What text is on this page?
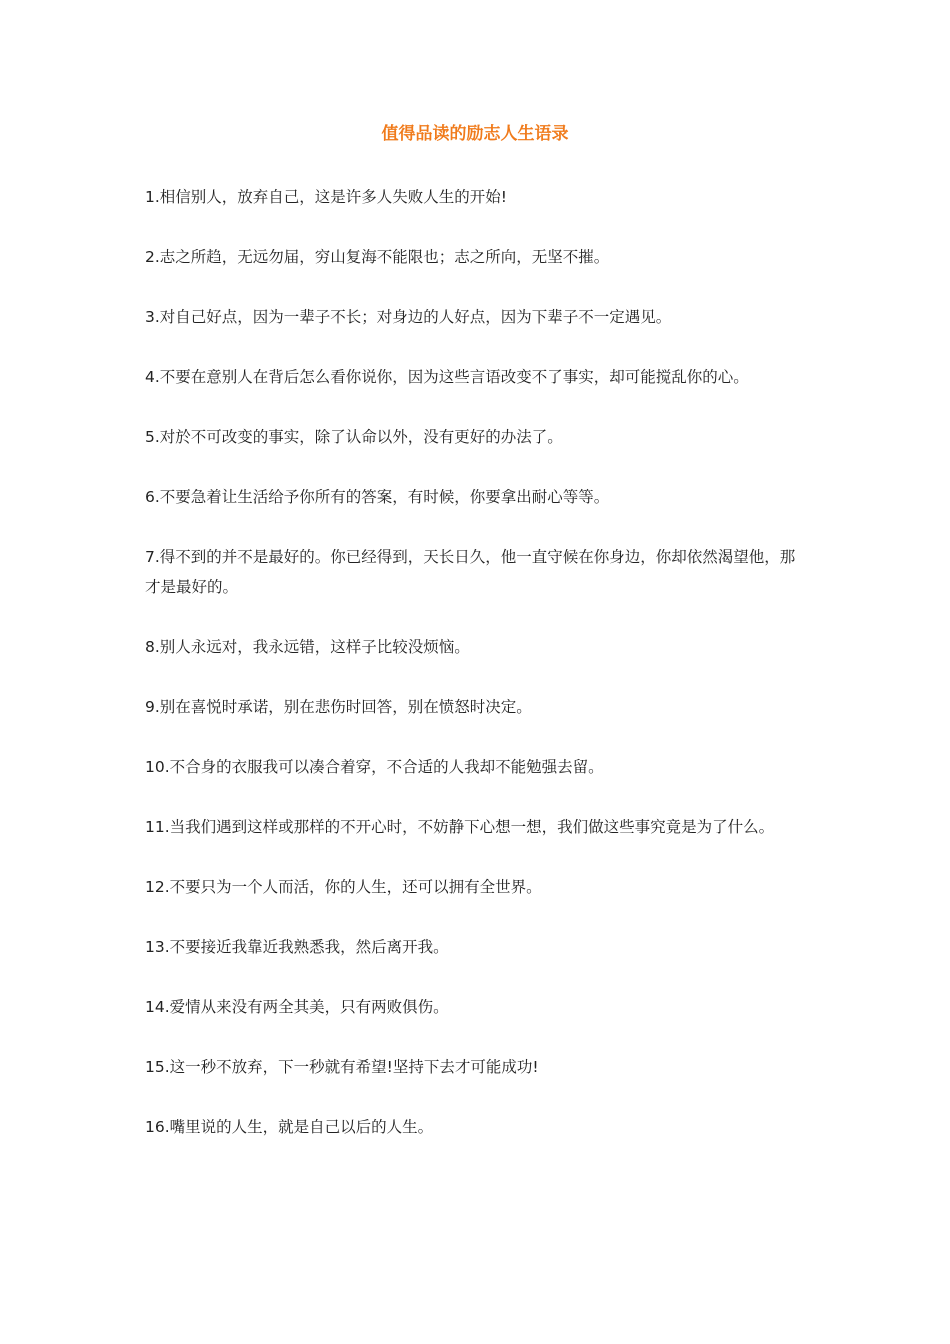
值得品读的励志人生语录
1.相信别人，放弃自己，这是许多人失败人生的开始!
2.志之所趋，无远勿届，穷山复海不能限也；志之所向，无坚不摧。
3.对自己好点，因为一辈子不长；对身边的人好点，因为下辈子不一定遇见。
4.不要在意别人在背后怎么看你说你，因为这些言语改变不了事实，却可能搅乱你的心。
5.对於不可改变的事实，除了认命以外，没有更好的办法了。
6.不要急着让生活给予你所有的答案，有时候，你要拿出耐心等等。
7.得不到的并不是最好的。你已经得到，天长日久，他一直守候在你身边，你却依然渴望他，那才是最好的。
8.别人永远对，我永远错，这样子比较没烦恼。
9.别在喜悦时承诺，别在悲伤时回答，别在愤怒时决定。
10.不合身的衣服我可以凑合着穿，不合适的人我却不能勉强去留。
11.当我们遇到这样或那样的不开心时，不妨静下心想一想，我们做这些事究竟是为了什么。
12.不要只为一个人而活，你的人生，还可以拥有全世界。
13.不要接近我靠近我熟悉我，然后离开我。
14.爱情从来没有两全其美，只有两败俱伤。
15.这一秒不放弃，下一秒就有希望!坚持下去才可能成功!
16.嘴里说的人生，就是自己以后的人生。
